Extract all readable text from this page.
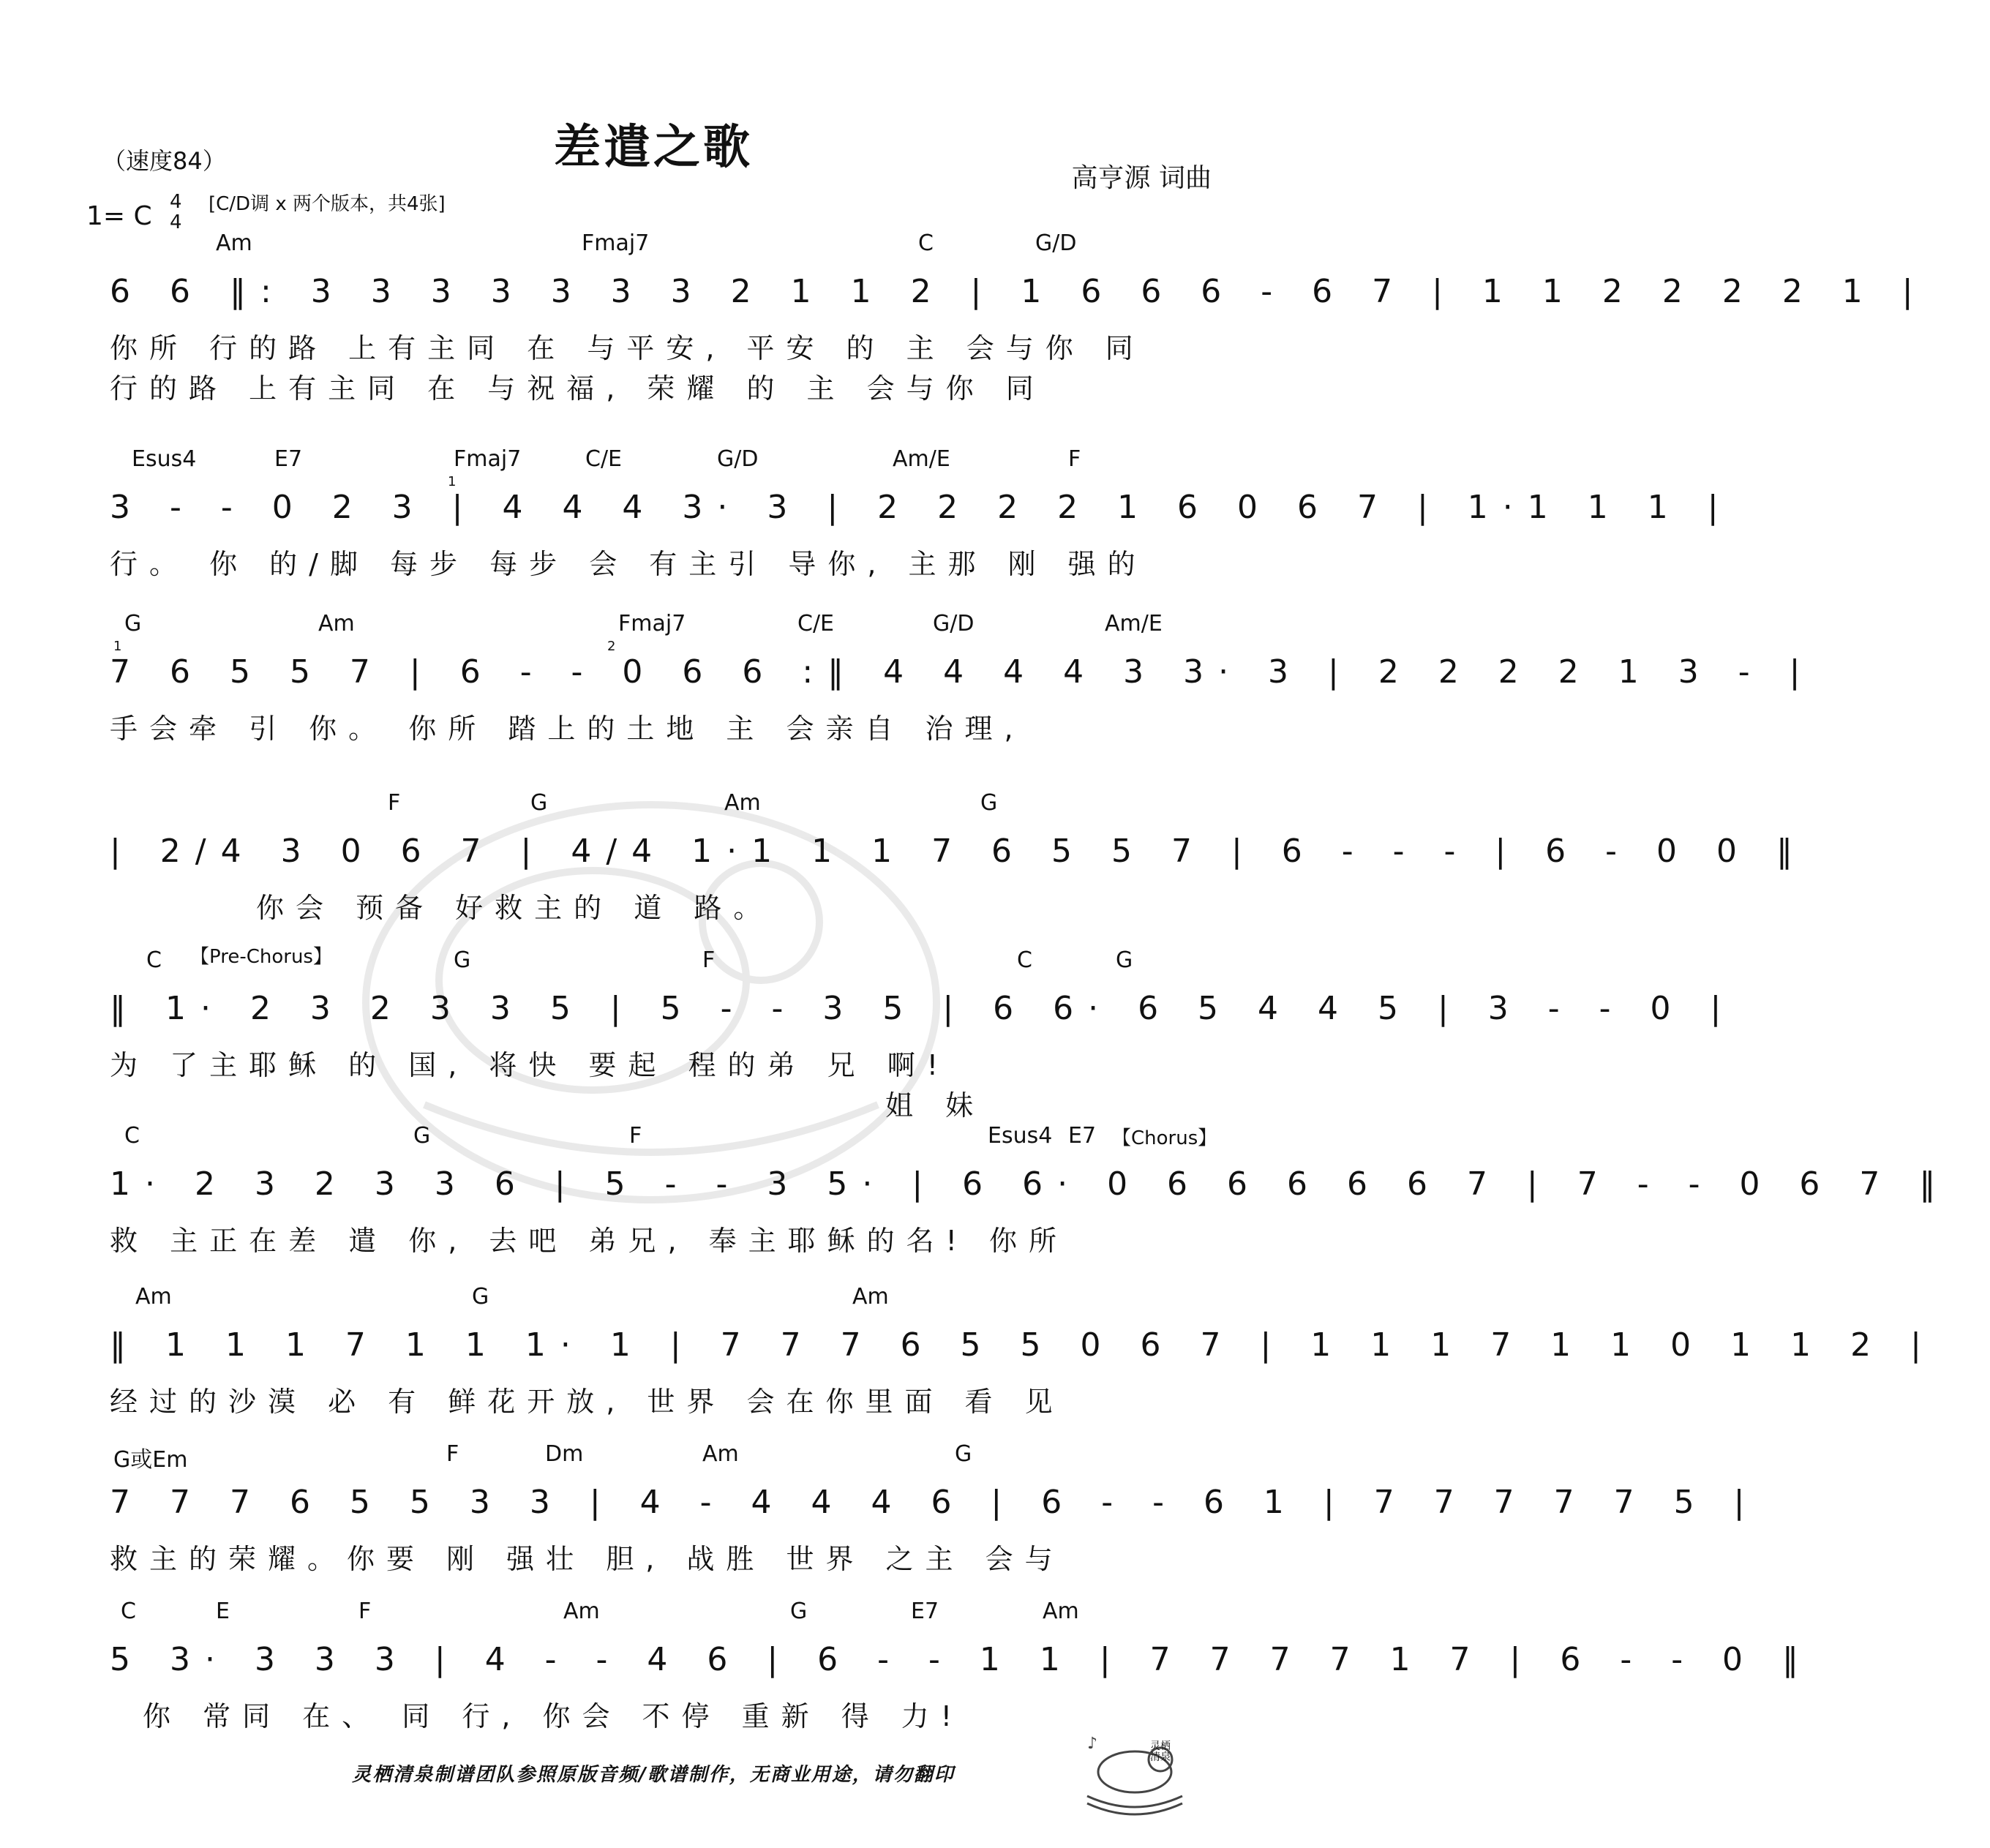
差遣之歌
（速度84）
高亨源 词曲
1= C 4
4
[C/D调 x 两个版本，共4张]
Am	Fmaj7	C	G/D
6 6 ‖: 3 3 3 3 3 3 3 2 1 1 2 | 1 6 6 6 - 6 7 | 1 1 2 2 2 2 1 |
你所 行的路 上有主同 在 与平安, 平安 的 主 会与你 同
行的路 上有主同 在 与祝福, 荣耀 的 主 会与你 同
Esus4	E7	Fmaj7	C/E	G/D	Am/E	F
1
3 - - 0 2 3 | 4 4 4 3· 3 | 2 2 2 2 1 6 0 6 7 | 1·1 1 1 |
行。 你 的/脚 每步 每步 会 有主引 导你, 主那 刚 强的
G	Am	Fmaj7	C/E	G/D	Am/E
1	2
7 6 5 5 7 | 6 - - 0 6 6 :‖ 4 4 4 4 3 3· 3 | 2 2 2 2 1 3 - |
手会牵 引 你。 你所 踏上的土地 主 会亲自 治理,
F	G	Am	G
| 2/4 3 0 6 7 | 4/4 1·1 1 1 7 6 5 5 7 | 6 - - - | 6 - 0 0 ‖
你会 预备 好救主的 道 路。
C	G	F	C	G
【Pre-Chorus】
‖ 1· 2 3 2 3 3 5 | 5 - - 3 5 | 6 6· 6 5 4 4 5 | 3 - - 0 |
为 了主耶稣 的 国, 将快 要起 程的弟 兄 啊!
姐 妹
C	G	F	Esus4 E7 【Chorus】
1· 2 3 2 3 3 6 | 5 - - 3 5· | 6 6· 0 6 6 6 6 6 7 | 7 - - 0 6 7 ‖
救 主正在差 遣 你, 去吧 弟兄, 奉主耶稣的名! 你所
Am	G	Am
‖ 1 1 1 7 1 1 1· 1 | 7 7 7 6 5 5 0 6 7 | 1 1 1 7 1 1 0 1 1 2 |
经过的沙漠 必 有 鲜花开放, 世界 会在你里面 看 见
G或Em	F	Dm	Am	G
7 7 7 6 5 5 3 3 | 4 - 4 4 4 6 | 6 - - 6 1 | 7 7 7 7 7 5 |
救主的荣耀。你要 刚 强壮 胆, 战胜 世界 之主 会与
C	E	F	Am	G	E7	Am
5 3· 3 3 3 | 4 - - 4 6 | 6 - - 1 1 | 7 7 7 7 1 7 | 6 - - 0 ‖
你 常同 在、 同 行, 你会 不停 重新 得 力!
灵栖清泉制谱团队参照原版音频/歌谱制作，无商业用途，请勿翻印
♪	灵栖清泉
